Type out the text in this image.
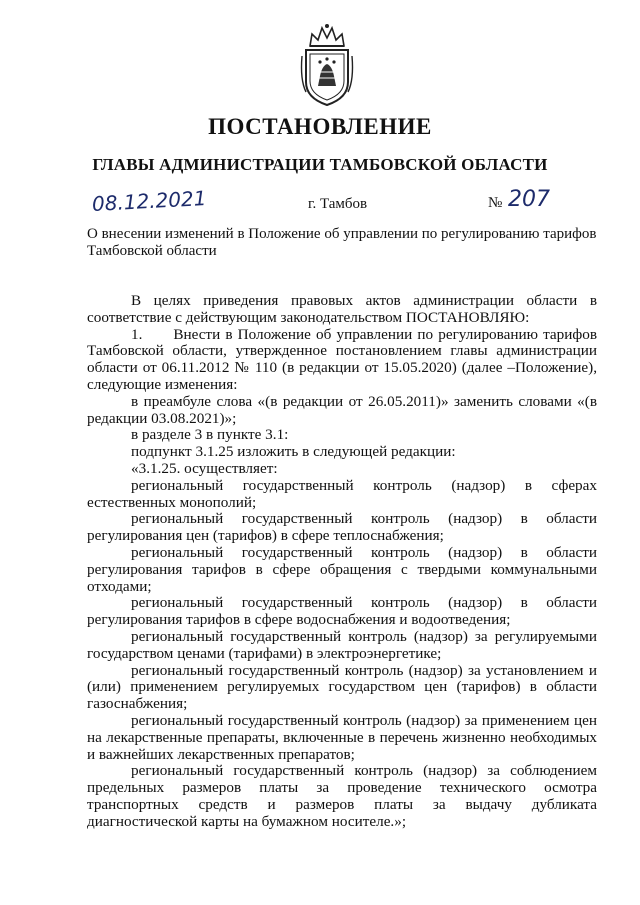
ПОСТАНОВЛЕНИЕ
ГЛАВЫ АДМИНИСТРАЦИИ ТАМБОВСКОЙ ОБЛАСТИ
08.12.2021	г. Тамбов	№ 207
О внесении изменений в Положение об управлении по регулированию тарифов Тамбовской области

В целях приведения правовых актов администрации области в соответствие с действующим законодательством ПОСТАНОВЛЯЮ:

1.      Внести в Положение об управлении по регулированию тарифов Тамбовской области, утвержденное постановлением главы администрации области от 06.11.2012 № 110 (в редакции от 15.05.2020) (далее –Положение), следующие изменения:

в преамбуле слова «(в редакции от 26.05.2011)» заменить словами «(в редакции 03.08.2021)»;

в разделе 3 в пункте 3.1:

подпункт 3.1.25 изложить в следующей редакции:

«3.1.25. осуществляет:

региональный государственный контроль (надзор) в сферах естественных монополий;

региональный государственный контроль (надзор) в области регулирования цен (тарифов) в сфере теплоснабжения;

региональный государственный контроль (надзор) в области регулирования тарифов в сфере обращения с твердыми коммунальными отходами;

региональный государственный контроль (надзор) в области регулирования тарифов в сфере водоснабжения и водоотведения;

региональный государственный контроль (надзор) за регулируемыми государством ценами (тарифами) в электроэнергетике;

региональный государственный контроль (надзор) за установлением и (или) применением регулируемых государством цен (тарифов) в области газоснабжения;

региональный государственный контроль (надзор) за применением цен на лекарственные препараты, включенные в перечень жизненно необходимых и важнейших лекарственных препаратов;

региональный государственный контроль (надзор) за соблюдением предельных размеров платы за проведение технического осмотра транспортных средств и размеров платы за выдачу дубликата диагностической карты на бумажном носителе.»;
